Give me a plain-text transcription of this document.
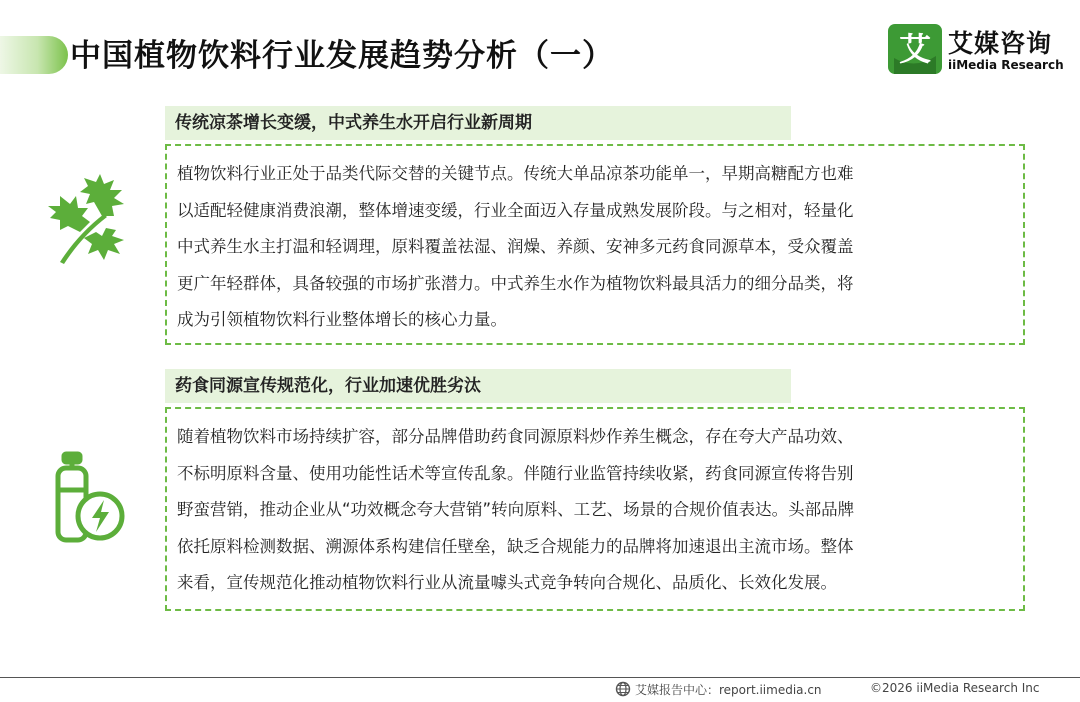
中国植物饮料行业发展趋势分析（一）	艾 艾媒咨询
iiMedia Research
传统凉茶增长变缓，中式养生水开启行业新周期
植物饮料行业正处于品类代际交替的关键节点。传统大单品凉茶功能单一，早期高糖配方也难
以适配轻健康消费浪潮，整体增速变缓，行业全面迈入存量成熟发展阶段。与之相对，轻量化
中式养生水主打温和轻调理，原料覆盖祛湿、润燥、养颜、安神多元药食同源草本，受众覆盖
更广年轻群体，具备较强的市场扩张潜力。中式养生水作为植物饮料最具活力的细分品类，将
成为引领植物饮料行业整体增长的核心力量。
药食同源宣传规范化，行业加速优胜劣汰
随着植物饮料市场持续扩容，部分品牌借助药食同源原料炒作养生概念，存在夸大产品功效、
不标明原料含量、使用功能性话术等宣传乱象。伴随行业监管持续收紧，药食同源宣传将告别
野蛮营销，推动企业从“功效概念夸大营销”转向原料、工艺、场景的合规价值表达。头部品牌
依托原料检测数据、溯源体系构建信任壁垒，缺乏合规能力的品牌将加速退出主流市场。整体
来看，宣传规范化推动植物饮料行业从流量噱头式竞争转向合规化、品质化、长效化发展。
艾媒报告中心：report.iimedia.cn	©2026 iiMedia Research Inc
